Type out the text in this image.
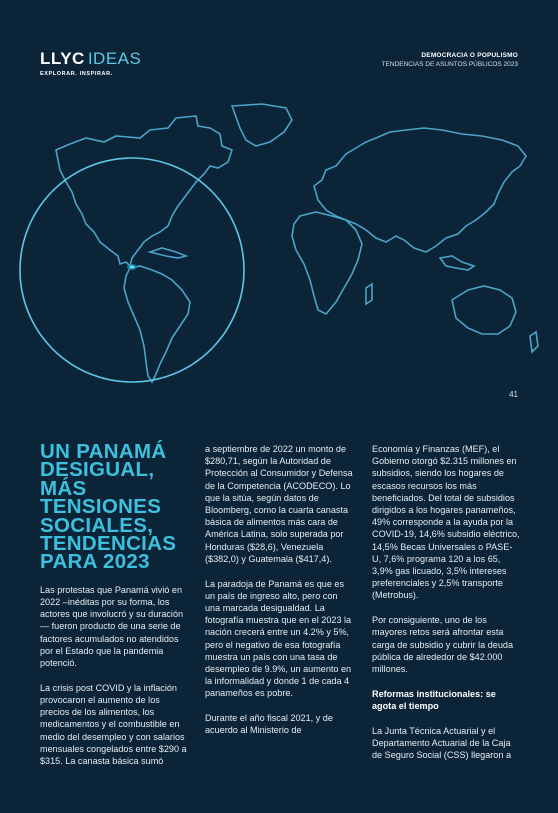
LLYC IDEAS
EXPLORAR. INSPIRAR.
DEMOCRACIA O POPULISMO
TENDENCIAS DE ASUNTOS PÚBLICOS 2023
41
UN PANAMÁ DESIGUAL, MÁS TENSIONES SOCIALES, TENDENCIAS PARA 2023

Las protestas que Panamá vivió en 2022 –inéditas por su forma, los actores que involucró y su duración— fueron producto de una serie de factores acumulados no atendidos por el Estado que la pandemia potenció.

La crisis post COVID y la inflación provocaron el aumento de los precios de los alimentos, los medicamentos y el combustible en medio del desempleo y con salarios mensuales congelados entre $290 a $315. La canasta básica sumó

a septiembre de 2022 un monto de $280,71, según la Autoridad de Protección al Consumidor y Defensa de la Competencia (ACODECO). Lo que la sitúa, según datos de Bloomberg, como la cuarta canasta básica de alimentos más cara de América Latina, solo superada por Honduras ($28,6), Venezuela ($382,0) y Guatemala ($417,4).

La paradoja de Panamá es que es un país de ingreso alto, pero con una marcada desigualdad. La fotografía muestra que en el 2023 la nación crecerá entre un 4.2% y 5%, pero el negativo de esa fotografía muestra un país con una tasa de desempleo de 9.9%, un aumento en la informalidad y donde 1 de cada 4 panameños es pobre.

Durante el año fiscal 2021, y de acuerdo al Ministerio de

Economía y Finanzas (MEF), el Gobierno otorgó $2.315 millones en subsidios, siendo los hogares de escasos recursos los más beneficiados. Del total de subsidios dirigidos a los hogares panameños, 49% corresponde a la ayuda por la COVID-19, 14,6% subsidio eléctrico, 14,5% Becas Universales o PASE-U, 7,6% programa 120 a los 65, 3,9% gas licuado, 3,5% intereses preferenciales y 2,5% transporte (Metrobus).

Por consiguiente, uno de los mayores retos será afrontar esta carga de subsidio y cubrir la deuda pública de alrededor de $42.000 millones.

Reformas institucionales: se agota el tiempo

La Junta Técnica Actuarial y el Departamento Actuarial de la Caja de Seguro Social (CSS) llegaron a
